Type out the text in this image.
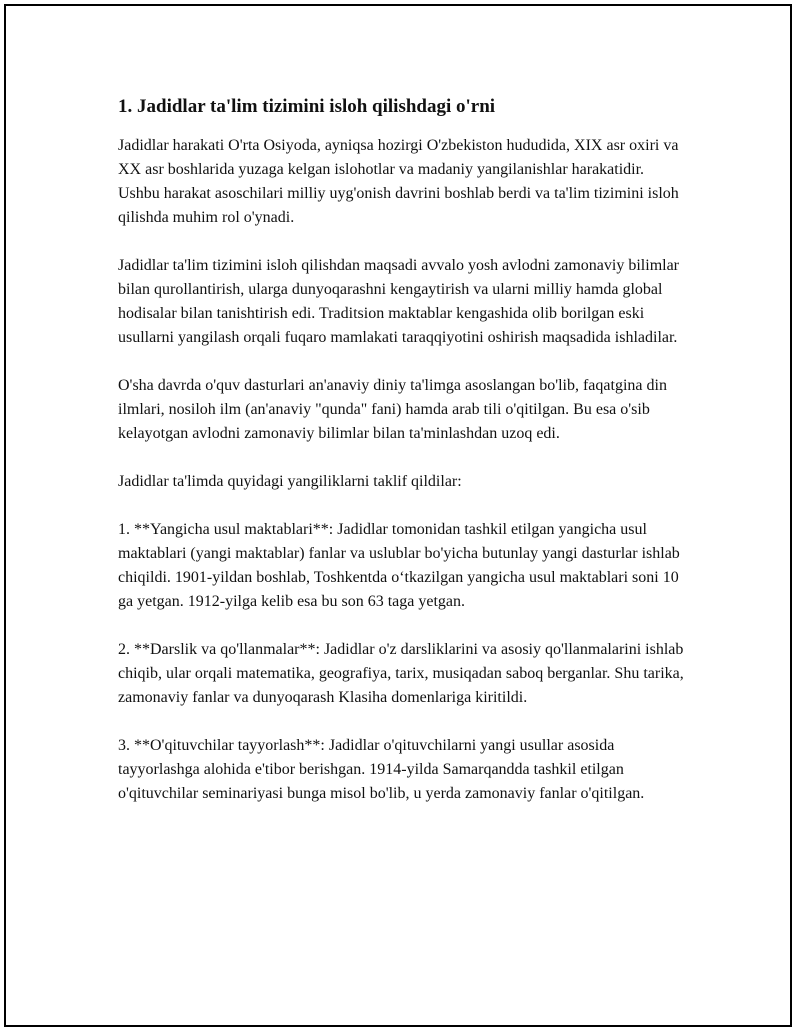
1. Jadidlar ta'lim tizimini isloh qilishdagi o'rni

Jadidlar harakati O'rta Osiyoda, ayniqsa hozirgi O'zbekiston hududida, XIX asr oxiri va XX asr boshlarida yuzaga kelgan islohotlar va madaniy yangilanishlar harakatidir. Ushbu harakat asoschilari milliy uyg'onish davrini boshlab berdi va ta'lim tizimini isloh qilishda muhim rol o'ynadi.

Jadidlar ta'lim tizimini isloh qilishdan maqsadi avvalo yosh avlodni zamonaviy bilimlar bilan qurollantirish, ularga dunyoqarashni kengaytirish va ularni milliy hamda global hodisalar bilan tanishtirish edi. Traditsion maktablar kengashida olib borilgan eski usullarni yangilash orqali fuqaro mamlakati taraqqiyotini oshirish maqsadida ishladilar.

O'sha davrda o'quv dasturlari an'anaviy diniy ta'limga asoslangan bo'lib, faqatgina din ilmlari, nosiloh ilm (an'anaviy "qunda" fani) hamda arab tili o'qitilgan. Bu esa o'sib kelayotgan avlodni zamonaviy bilimlar bilan ta'minlashdan uzoq edi.

Jadidlar ta'limda quyidagi yangiliklarni taklif qildilar:

1. **Yangicha usul maktablari**: Jadidlar tomonidan tashkil etilgan yangicha usul maktablari (yangi maktablar) fanlar va uslublar bo'yicha butunlay yangi dasturlar ishlab chiqildi. 1901-yildan boshlab, Toshkentda o‘tkazilgan yangicha usul maktablari soni 10 ga yetgan. 1912-yilga kelib esa bu son 63 taga yetgan.

2. **Darslik va qo'llanmalar**: Jadidlar o'z darsliklarini va asosiy qo'llanmalarini ishlab chiqib, ular orqali matematika, geografiya, tarix, musiqadan saboq berganlar. Shu tarika, zamonaviy fanlar va dunyoqarash Klasiha domenlariga kiritildi.

3. **O'qituvchilar tayyorlash**: Jadidlar o'qituvchilarni yangi usullar asosida tayyorlashga alohida e'tibor berishgan. 1914-yilda Samarqandda tashkil etilgan o'qituvchilar seminariyasi bunga misol bo'lib, u yerda zamonaviy fanlar o'qitilgan.
